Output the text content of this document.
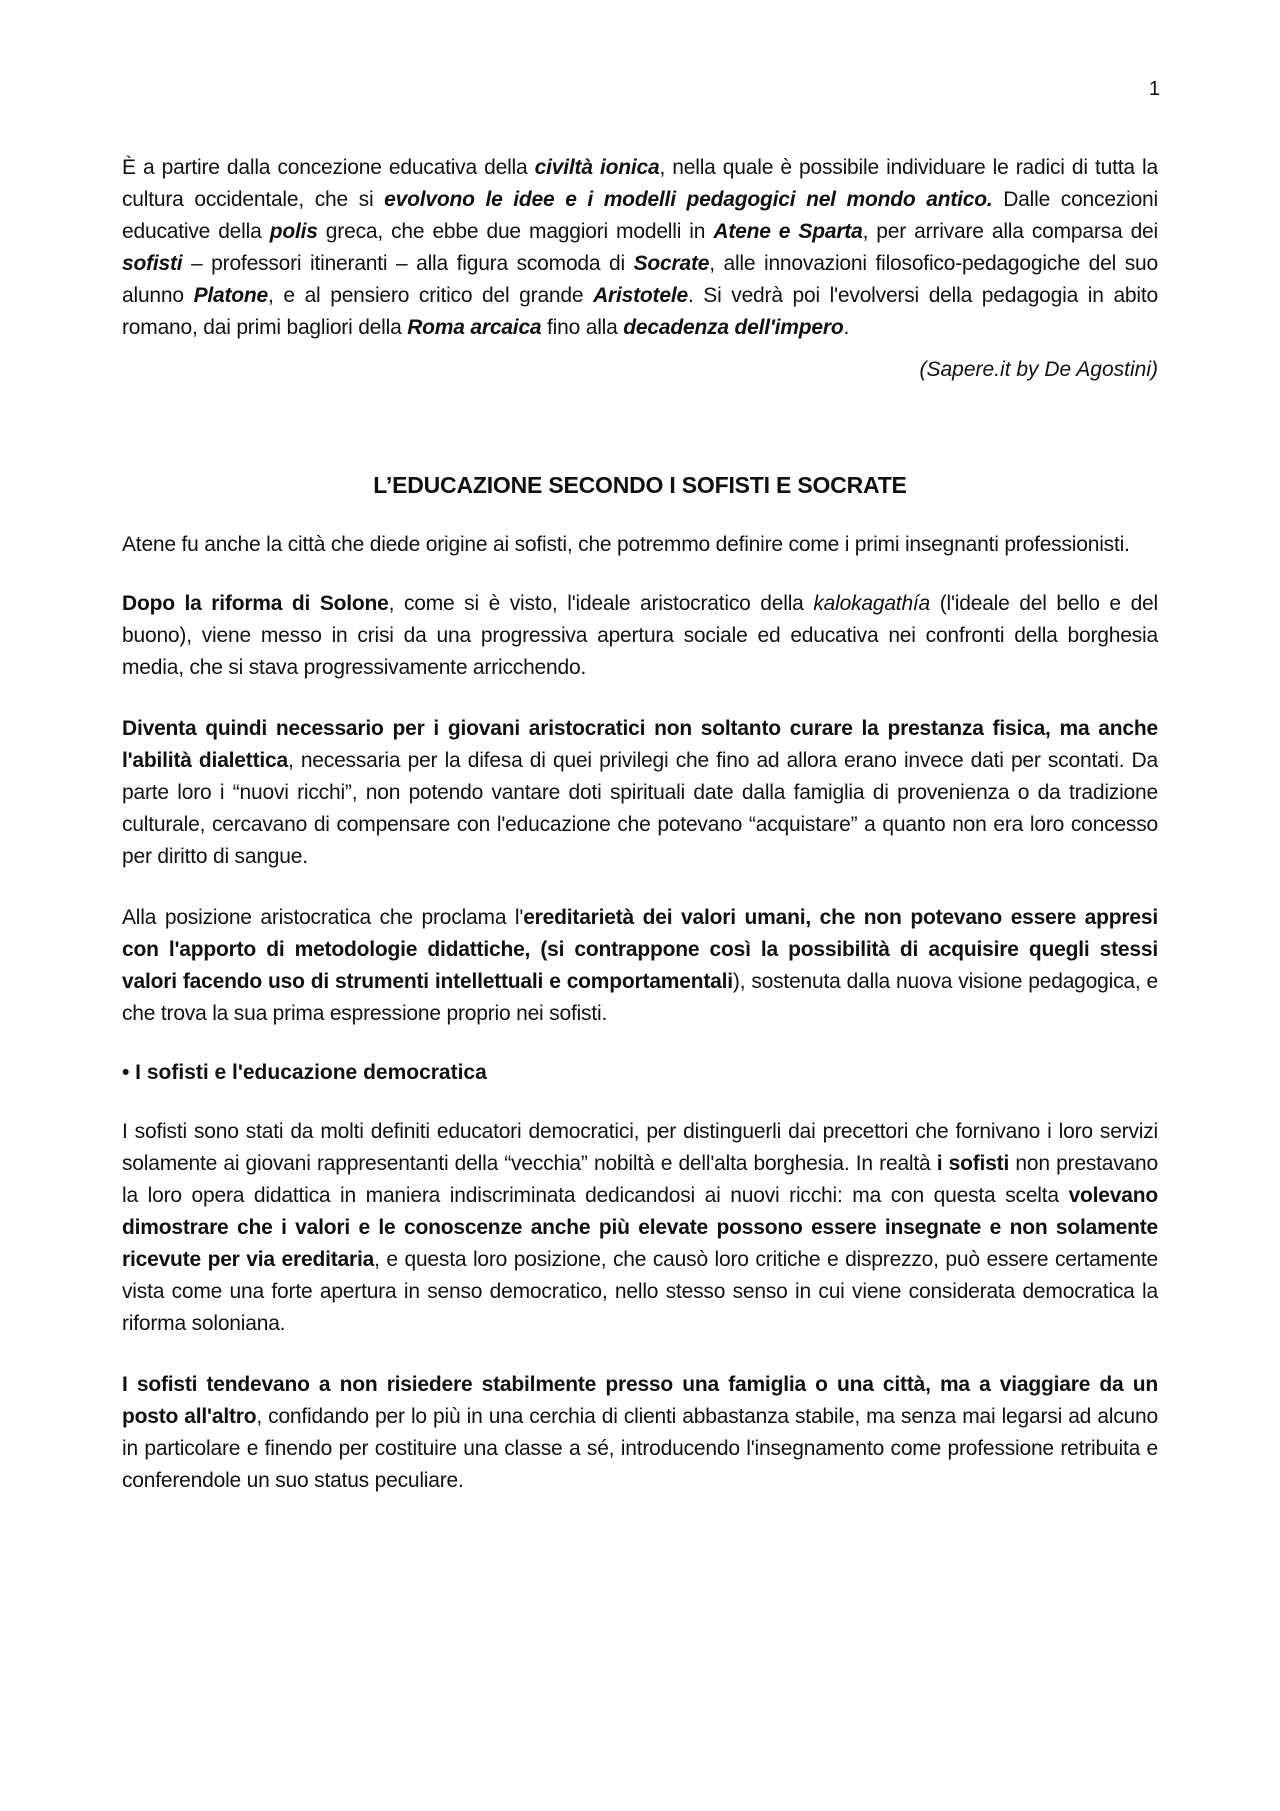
1

È a partire dalla concezione educativa della civiltà ionica, nella quale è possibile individuare le radici di tutta la cultura occidentale, che si evolvono le idee e i modelli pedagogici nel mondo antico. Dalle concezioni educative della polis greca, che ebbe due maggiori modelli in Atene e Sparta, per arrivare alla comparsa dei sofisti – professori itineranti – alla figura scomoda di Socrate, alle innovazioni filosofico-pedagogiche del suo alunno Platone, e al pensiero critico del grande Aristotele. Si vedrà poi l'evolversi della pedagogia in abito romano, dai primi bagliori della Roma arcaica fino alla decadenza dell'impero.

(Sapere.it by De Agostini)
L’EDUCAZIONE SECONDO I SOFISTI E SOCRATE

Atene fu anche la città che diede origine ai sofisti, che potremmo definire come i primi insegnanti professionisti.

Dopo la riforma di Solone, come si è visto, l'ideale aristocratico della kalokagathía (l'ideale del bello e del buono), viene messo in crisi da una progressiva apertura sociale ed educativa nei confronti della borghesia media, che si stava progressivamente arricchendo.

Diventa quindi necessario per i giovani aristocratici non soltanto curare la prestanza fisica, ma anche l'abilità dialettica, necessaria per la difesa di quei privilegi che fino ad allora erano invece dati per scontati. Da parte loro i “nuovi ricchi”, non potendo vantare doti spirituali date dalla famiglia di provenienza o da tradizione culturale, cercavano di compensare con l'educazione che potevano “acquistare” a quanto non era loro concesso per diritto di sangue.

Alla posizione aristocratica che proclama l'ereditarietà dei valori umani, che non potevano essere appresi con l'apporto di metodologie didattiche, (si contrappone così la possibilità di acquisire quegli stessi valori facendo uso di strumenti intellettuali e comportamentali), sostenuta dalla nuova visione pedagogica, e che trova la sua prima espressione proprio nei sofisti.

• I sofisti e l'educazione democratica

I sofisti sono stati da molti definiti educatori democratici, per distinguerli dai precettori che fornivano i loro servizi solamente ai giovani rappresentanti della “vecchia” nobiltà e dell'alta borghesia. In realtà i sofisti non prestavano la loro opera didattica in maniera indiscriminata dedicandosi ai nuovi ricchi: ma con questa scelta volevano dimostrare che i valori e le conoscenze anche più elevate possono essere insegnate e non solamente ricevute per via ereditaria, e questa loro posizione, che causò loro critiche e disprezzo, può essere certamente vista come una forte apertura in senso democratico, nello stesso senso in cui viene considerata democratica la riforma soloniana.

I sofisti tendevano a non risiedere stabilmente presso una famiglia o una città, ma a viaggiare da un posto all'altro, confidando per lo più in una cerchia di clienti abbastanza stabile, ma senza mai legarsi ad alcuno in particolare e finendo per costituire una classe a sé, introducendo l'insegnamento come professione retribuita e conferendole un suo status peculiare.
